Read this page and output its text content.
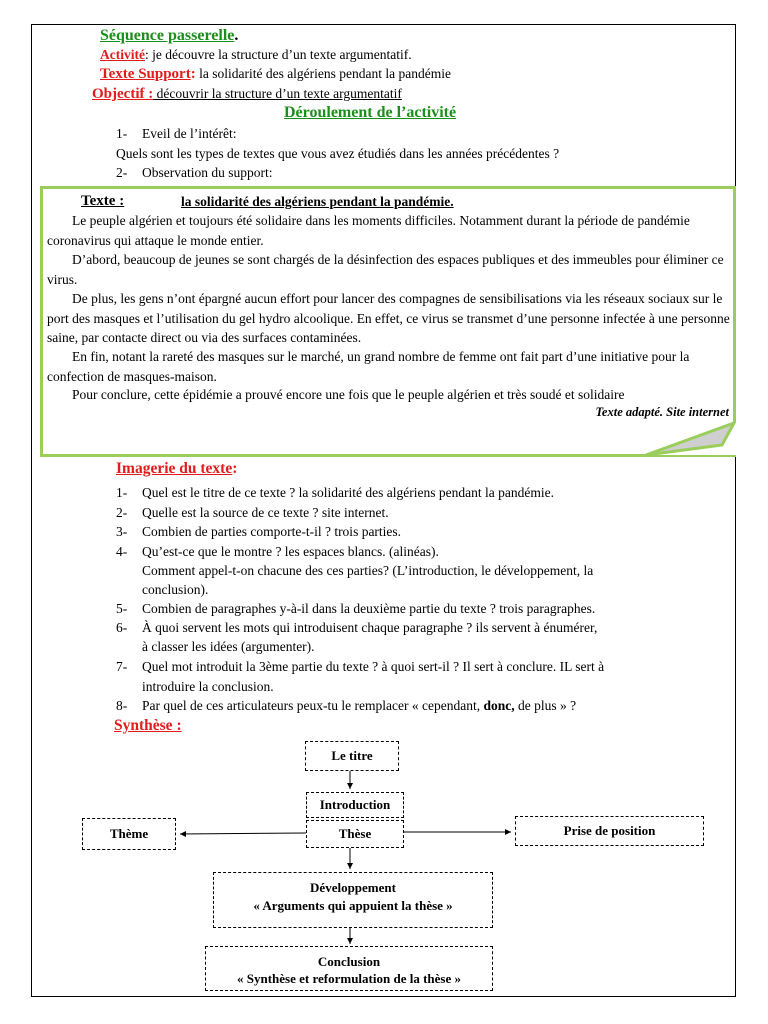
Séquence passerelle.
Activité: je découvre la structure d’un texte argumentatif.
Texte Support: la solidarité des algériens pendant la pandémie
Objectif : découvrir la structure d’un texte argumentatif
Déroulement de l’activité
1- Eveil de l’intérêt:
Quels sont les types de textes que vous avez étudiés dans les années précédentes ?
2- Observation du support:
Texte :	la solidarité des algériens pendant la pandémie.
Le peuple algérien et toujours été solidaire dans les moments difficiles. Notamment durant la période de pandémie coronavirus qui attaque le monde entier.
D’abord, beaucoup de jeunes se sont chargés de la désinfection des espaces publiques et des immeubles pour éliminer ce virus.
De plus, les gens n’ont épargné aucun effort pour lancer des compagnes de sensibilisations via les réseaux sociaux sur le port des masques et l’utilisation du gel hydro alcoolique. En effet, ce virus se transmet d’une personne infectée à une personne saine, par contacte direct ou via des surfaces contaminées.
En fin, notant la rareté des masques sur le marché, un grand nombre de femme ont fait part d’une initiative pour la confection de masques-maison.
Pour conclure, cette épidémie a prouvé encore une fois que le peuple algérien et très soudé et solidaire
Texte adapté. Site internet
Imagerie du texte:
1- Quel est le titre de ce texte ? la solidarité des algériens pendant la pandémie.
2- Quelle est la source de ce texte ? site internet.
3- Combien de parties comporte-t-il ? trois parties.
4- Qu’est-ce que le montre ? les espaces blancs. (alinéas).
Comment appel-t-on chacune des ces parties? (L’introduction, le développement, la
conclusion).
5- Combien de paragraphes y-à-il dans la deuxième partie du texte ? trois paragraphes.
6- À quoi servent les mots qui introduisent chaque paragraphe ? ils servent à énumérer,
à classer les idées (argumenter).
7- Quel mot introduit la 3ème partie du texte ? à quoi sert-il ? Il sert à conclure. IL sert à
introduire la conclusion.
8- Par quel de ces articulateurs peux-tu le remplacer « cependant, donc, de plus » ?
Synthèse :
Le titre
Introduction
Thèse
Thème	Prise de position
Développement
« Arguments qui appuient la thèse »
Conclusion
« Synthèse et reformulation de la thèse »
